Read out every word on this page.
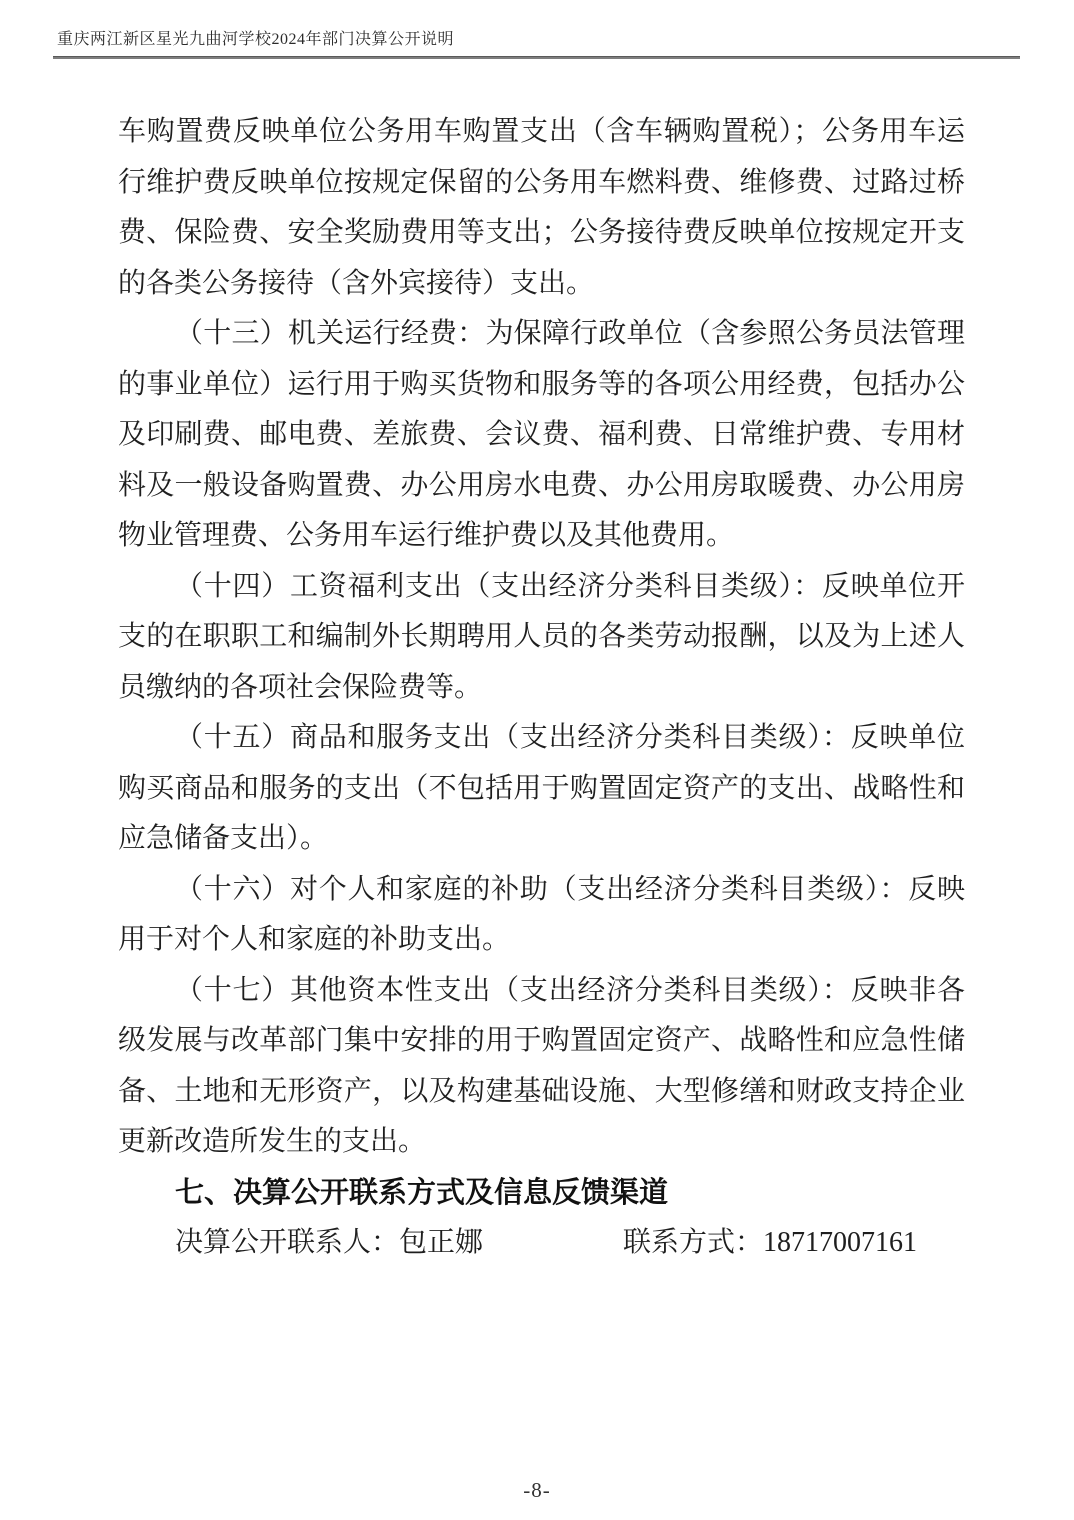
重庆两江新区星光九曲河学校2024年部门决算公开说明

车购置费反映单位公务用车购置支出（含车辆购置税）；公务用车运行维护费反映单位按规定保留的公务用车燃料费、维修费、过路过桥费、保险费、安全奖励费用等支出；公务接待费反映单位按规定开支的各类公务接待（含外宾接待）支出。

（十三）机关运行经费：为保障行政单位（含参照公务员法管理的事业单位）运行用于购买货物和服务等的各项公用经费，包括办公及印刷费、邮电费、差旅费、会议费、福利费、日常维护费、专用材料及一般设备购置费、办公用房水电费、办公用房取暖费、办公用房物业管理费、公务用车运行维护费以及其他费用。

（十四）工资福利支出（支出经济分类科目类级）：反映单位开支的在职职工和编制外长期聘用人员的各类劳动报酬，以及为上述人员缴纳的各项社会保险费等。

（十五）商品和服务支出（支出经济分类科目类级）：反映单位购买商品和服务的支出（不包括用于购置固定资产的支出、战略性和应急储备支出）。

（十六）对个人和家庭的补助（支出经济分类科目类级）：反映用于对个人和家庭的补助支出。

（十七）其他资本性支出（支出经济分类科目类级）：反映非各级发展与改革部门集中安排的用于购置固定资产、战略性和应急性储备、土地和无形资产，以及构建基础设施、大型修缮和财政支持企业更新改造所发生的支出。

七、决算公开联系方式及信息反馈渠道

决算公开联系人：包正娜	联系方式：18717007161

-8-
